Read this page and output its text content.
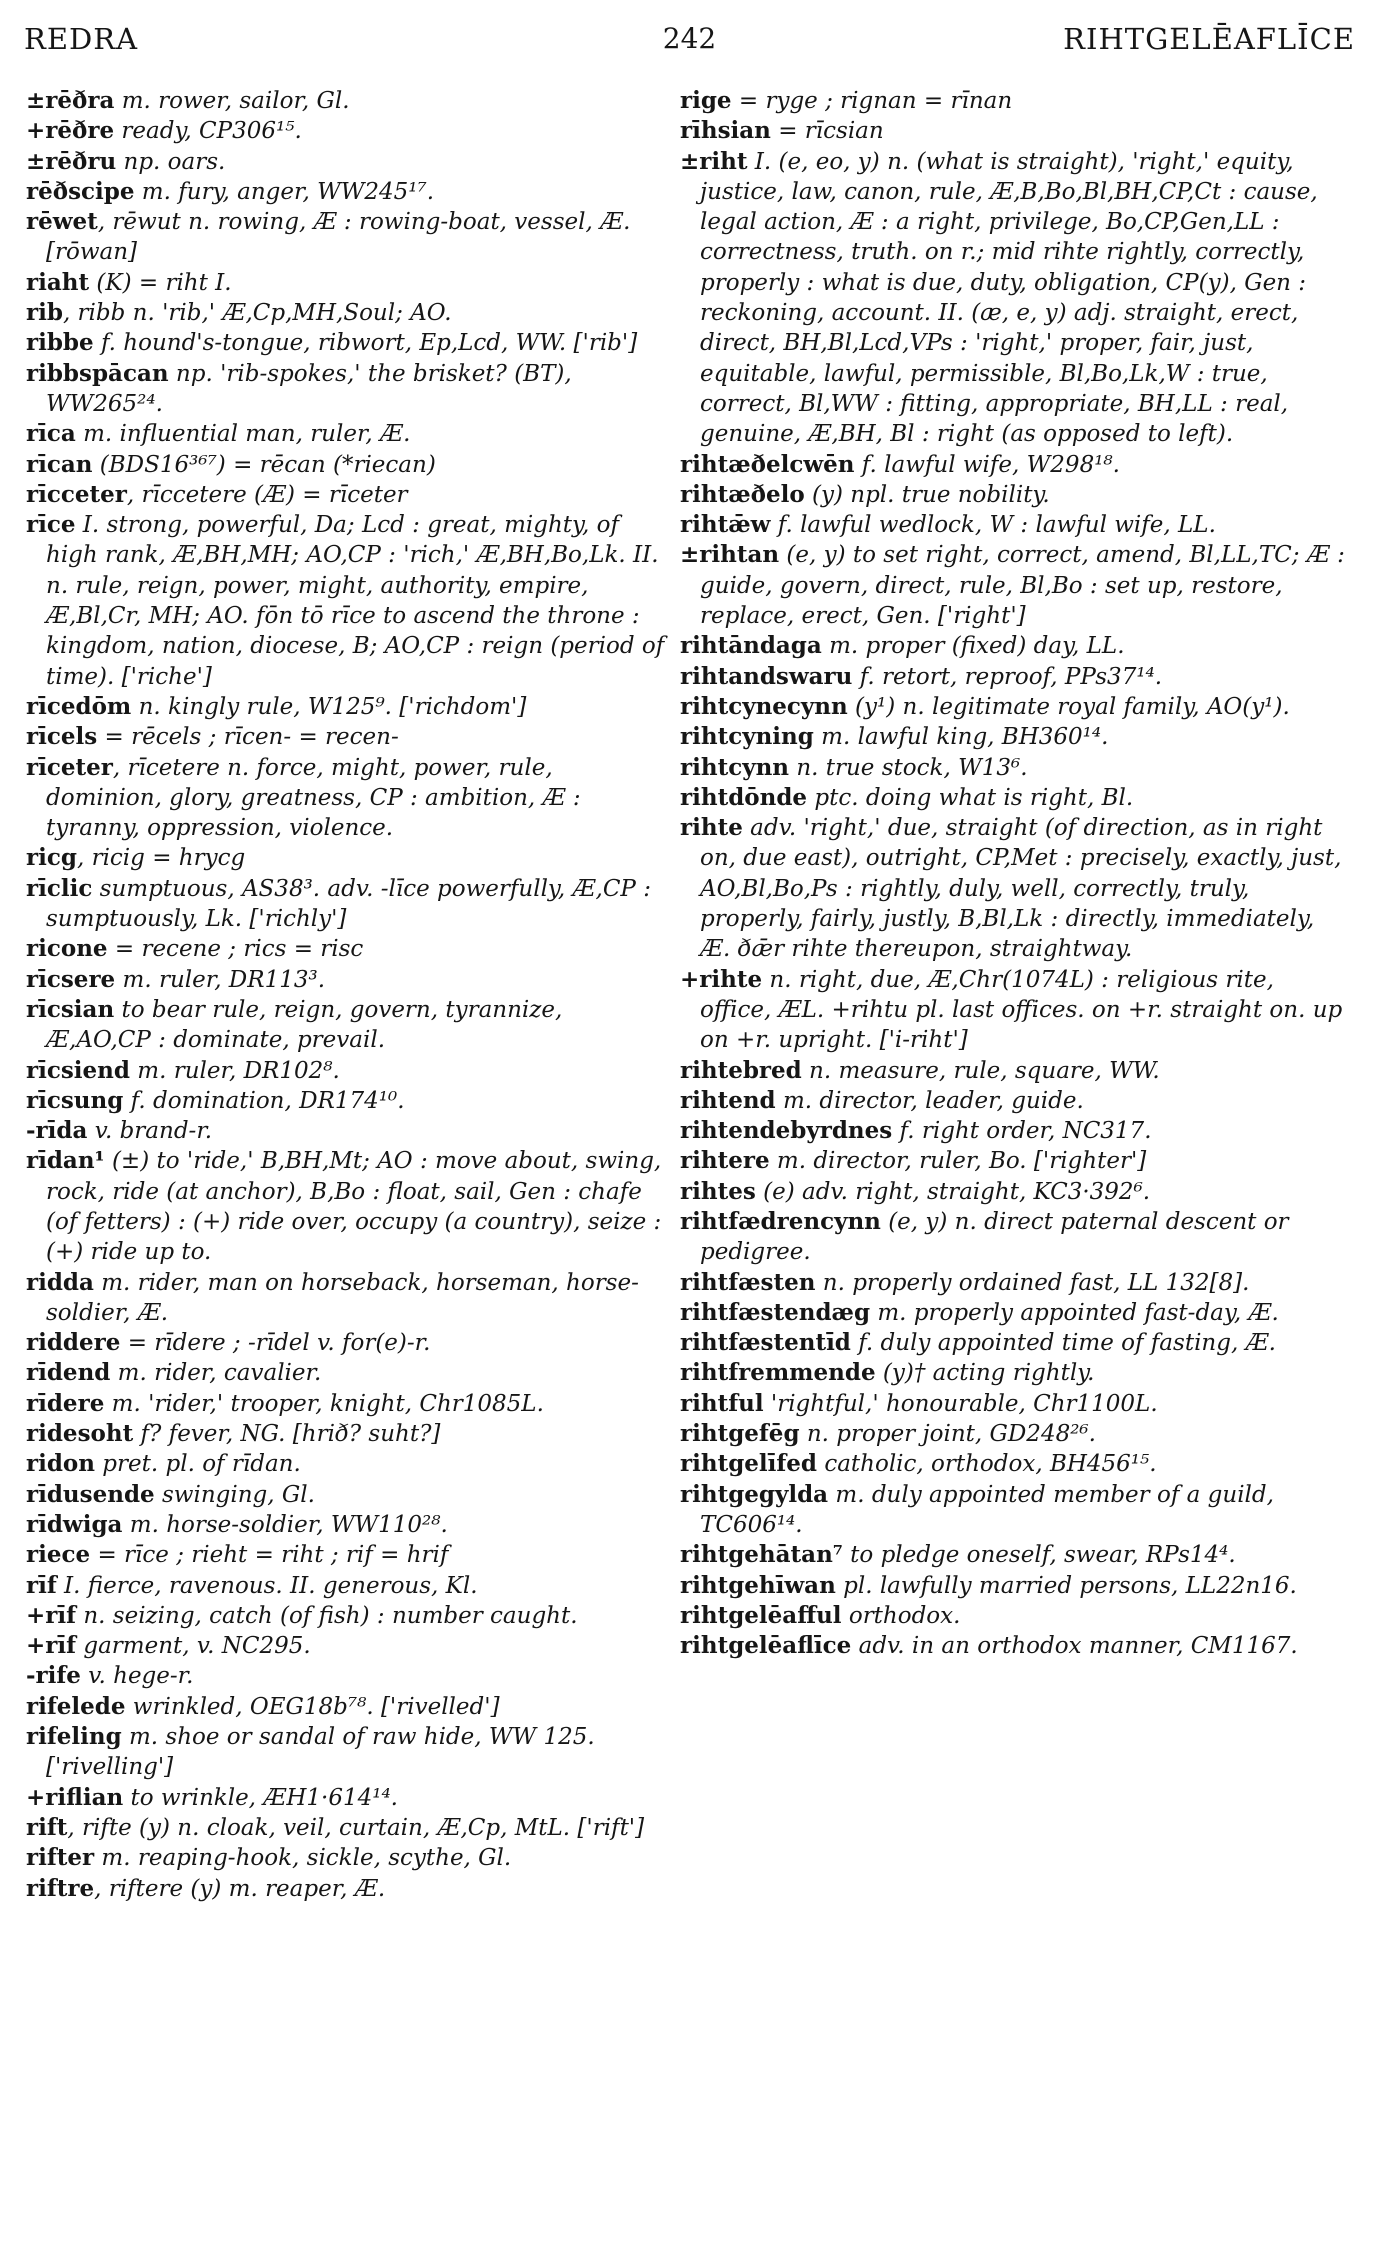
REDRA	242	RIHTGELĒAFLĪCE

±rēðra m. rower, sailor, Gl.

+rēðre ready, CP306¹⁵.

±rēðru np. oars.

rēðscipe m. fury, anger, WW245¹⁷.

rēwet, rēwut n. rowing, Æ : rowing-boat, vessel, Æ. [rōwan]

riaht (K) = riht I.

rib, ribb n. 'rib,' Æ,Cp,MH,Soul; AO.

ribbe f. hound's-tongue, ribwort, Ep,Lcd, WW. ['rib']

ribbspācan np. 'rib-spokes,' the brisket? (BT), WW265²⁴.

rīca m. influential man, ruler, Æ.

rīcan (BDS16³⁶⁷) = rēcan (*riecan)

rīcceter, rīccetere (Æ) = rīceter

rīce I. strong, powerful, Da; Lcd : great, mighty, of high rank, Æ,BH,MH; AO,CP : 'rich,' Æ,BH,Bo,Lk. II. n. rule, reign, power, might, authority, empire, Æ,Bl,Cr, MH; AO. fōn tō rīce to ascend the throne : kingdom, nation, diocese, B; AO,CP : reign (period of time). ['riche']

rīcedōm n. kingly rule, W125⁹. ['richdom']

rīcels = rēcels ; rīcen- = recen-

rīceter, rīcetere n. force, might, power, rule, dominion, glory, greatness, CP : ambition, Æ : tyranny, oppression, violence.

ricg, ricig = hrycg

rīclic sumptuous, AS38³. adv. -līce powerfully, Æ,CP : sumptuously, Lk. ['richly']

ricone = recene ; rics = risc

rīcsere m. ruler, DR113³.

rīcsian to bear rule, reign, govern, tyrannize, Æ,AO,CP : dominate, prevail.

rīcsiend m. ruler, DR102⁸.

rīcsung f. domination, DR174¹⁰.

-rīda v. brand-r.

rīdan¹ (±) to 'ride,' B,BH,Mt; AO : move about, swing, rock, ride (at anchor), B,Bo : float, sail, Gen : chafe (of fetters) : (+) ride over, occupy (a country), seize : (+) ride up to.

ridda m. rider, man on horseback, horseman, horse-soldier, Æ.

riddere = rīdere ; -rīdel v. for(e)-r.

rīdend m. rider, cavalier.

rīdere m. 'rider,' trooper, knight, Chr1085L.

ridesoht f? fever, NG. [hrið? suht?]

ridon pret. pl. of rīdan.

rīdusende swinging, Gl.

rīdwiga m. horse-soldier, WW110²⁸.

riece = rīce ; rieht = riht ; rif = hrif

rīf I. fierce, ravenous. II. generous, Kl.

+rīf n. seizing, catch (of fish) : number caught.

+rīf garment, v. NC295.

-rife v. hege-r.

rifelede wrinkled, OEG18b⁷⁸. ['rivelled']

rifeling m. shoe or sandal of raw hide, WW 125. ['rivelling']

+riflian to wrinkle, ÆH1·614¹⁴.

rift, rifte (y) n. cloak, veil, curtain, Æ,Cp, MtL. ['rift']

rifter m. reaping-hook, sickle, scythe, Gl.

riftre, riftere (y) m. reaper, Æ.

rige = ryge ; rignan = rīnan

rīhsian = rīcsian

±riht I. (e, eo, y) n. (what is straight), 'right,' equity, justice, law, canon, rule, Æ,B,Bo,Bl,BH,CP,Ct : cause, legal action, Æ : a right, privilege, Bo,CP,Gen,LL : correctness, truth. on r.; mid rihte rightly, correctly, properly : what is due, duty, obligation, CP(y), Gen : reckoning, account. II. (æ, e, y) adj. straight, erect, direct, BH,Bl,Lcd,VPs : 'right,' proper, fair, just, equitable, lawful, permissible, Bl,Bo,Lk,W : true, correct, Bl,WW : fitting, appropriate, BH,LL : real, genuine, Æ,BH, Bl : right (as opposed to left).

rihtæðelcwēn f. lawful wife, W298¹⁸.

rihtæðelo (y) npl. true nobility.

rihtǣw f. lawful wedlock, W : lawful wife, LL.

±rihtan (e, y) to set right, correct, amend, Bl,LL,TC; Æ : guide, govern, direct, rule, Bl,Bo : set up, restore, replace, erect, Gen. ['right']

rihtāndaga m. proper (fixed) day, LL.

rihtandswaru f. retort, reproof, PPs37¹⁴.

rihtcynecynn (y¹) n. legitimate royal family, AO(y¹).

rihtcyning m. lawful king, BH360¹⁴.

rihtcynn n. true stock, W13⁶.

rihtdōnde ptc. doing what is right, Bl.

rihte adv. 'right,' due, straight (of direction, as in right on, due east), outright, CP,Met : precisely, exactly, just, AO,Bl,Bo,Ps : rightly, duly, well, correctly, truly, properly, fairly, justly, B,Bl,Lk : directly, immediately, Æ. ðǣr rihte thereupon, straightway.

+rihte n. right, due, Æ,Chr(1074L) : religious rite, office, ÆL. +rihtu pl. last offices. on +r. straight on. up on +r. upright. ['i-riht']

rihtebred n. measure, rule, square, WW.

rihtend m. director, leader, guide.

rihtendebyrdnes f. right order, NC317.

rihtere m. director, ruler, Bo. ['righter']

rihtes (e) adv. right, straight, KC3·392⁶.

rihtfædrencynn (e, y) n. direct paternal descent or pedigree.

rihtfæsten n. properly ordained fast, LL 132[8].

rihtfæstendæg m. properly appointed fast-day, Æ.

rihtfæstentīd f. duly appointed time of fasting, Æ.

rihtfremmende (y)† acting rightly.

rihtful 'rightful,' honourable, Chr1100L.

rihtgefēg n. proper joint, GD248²⁶.

rihtgelīfed catholic, orthodox, BH456¹⁵.

rihtgegylda m. duly appointed member of a guild, TC606¹⁴.

rihtgehātan⁷ to pledge oneself, swear, RPs14⁴.

rihtgehīwan pl. lawfully married persons, LL22n16.

rihtgelēafful orthodox.

rihtgelēaflīce adv. in an orthodox manner, CM1167.
